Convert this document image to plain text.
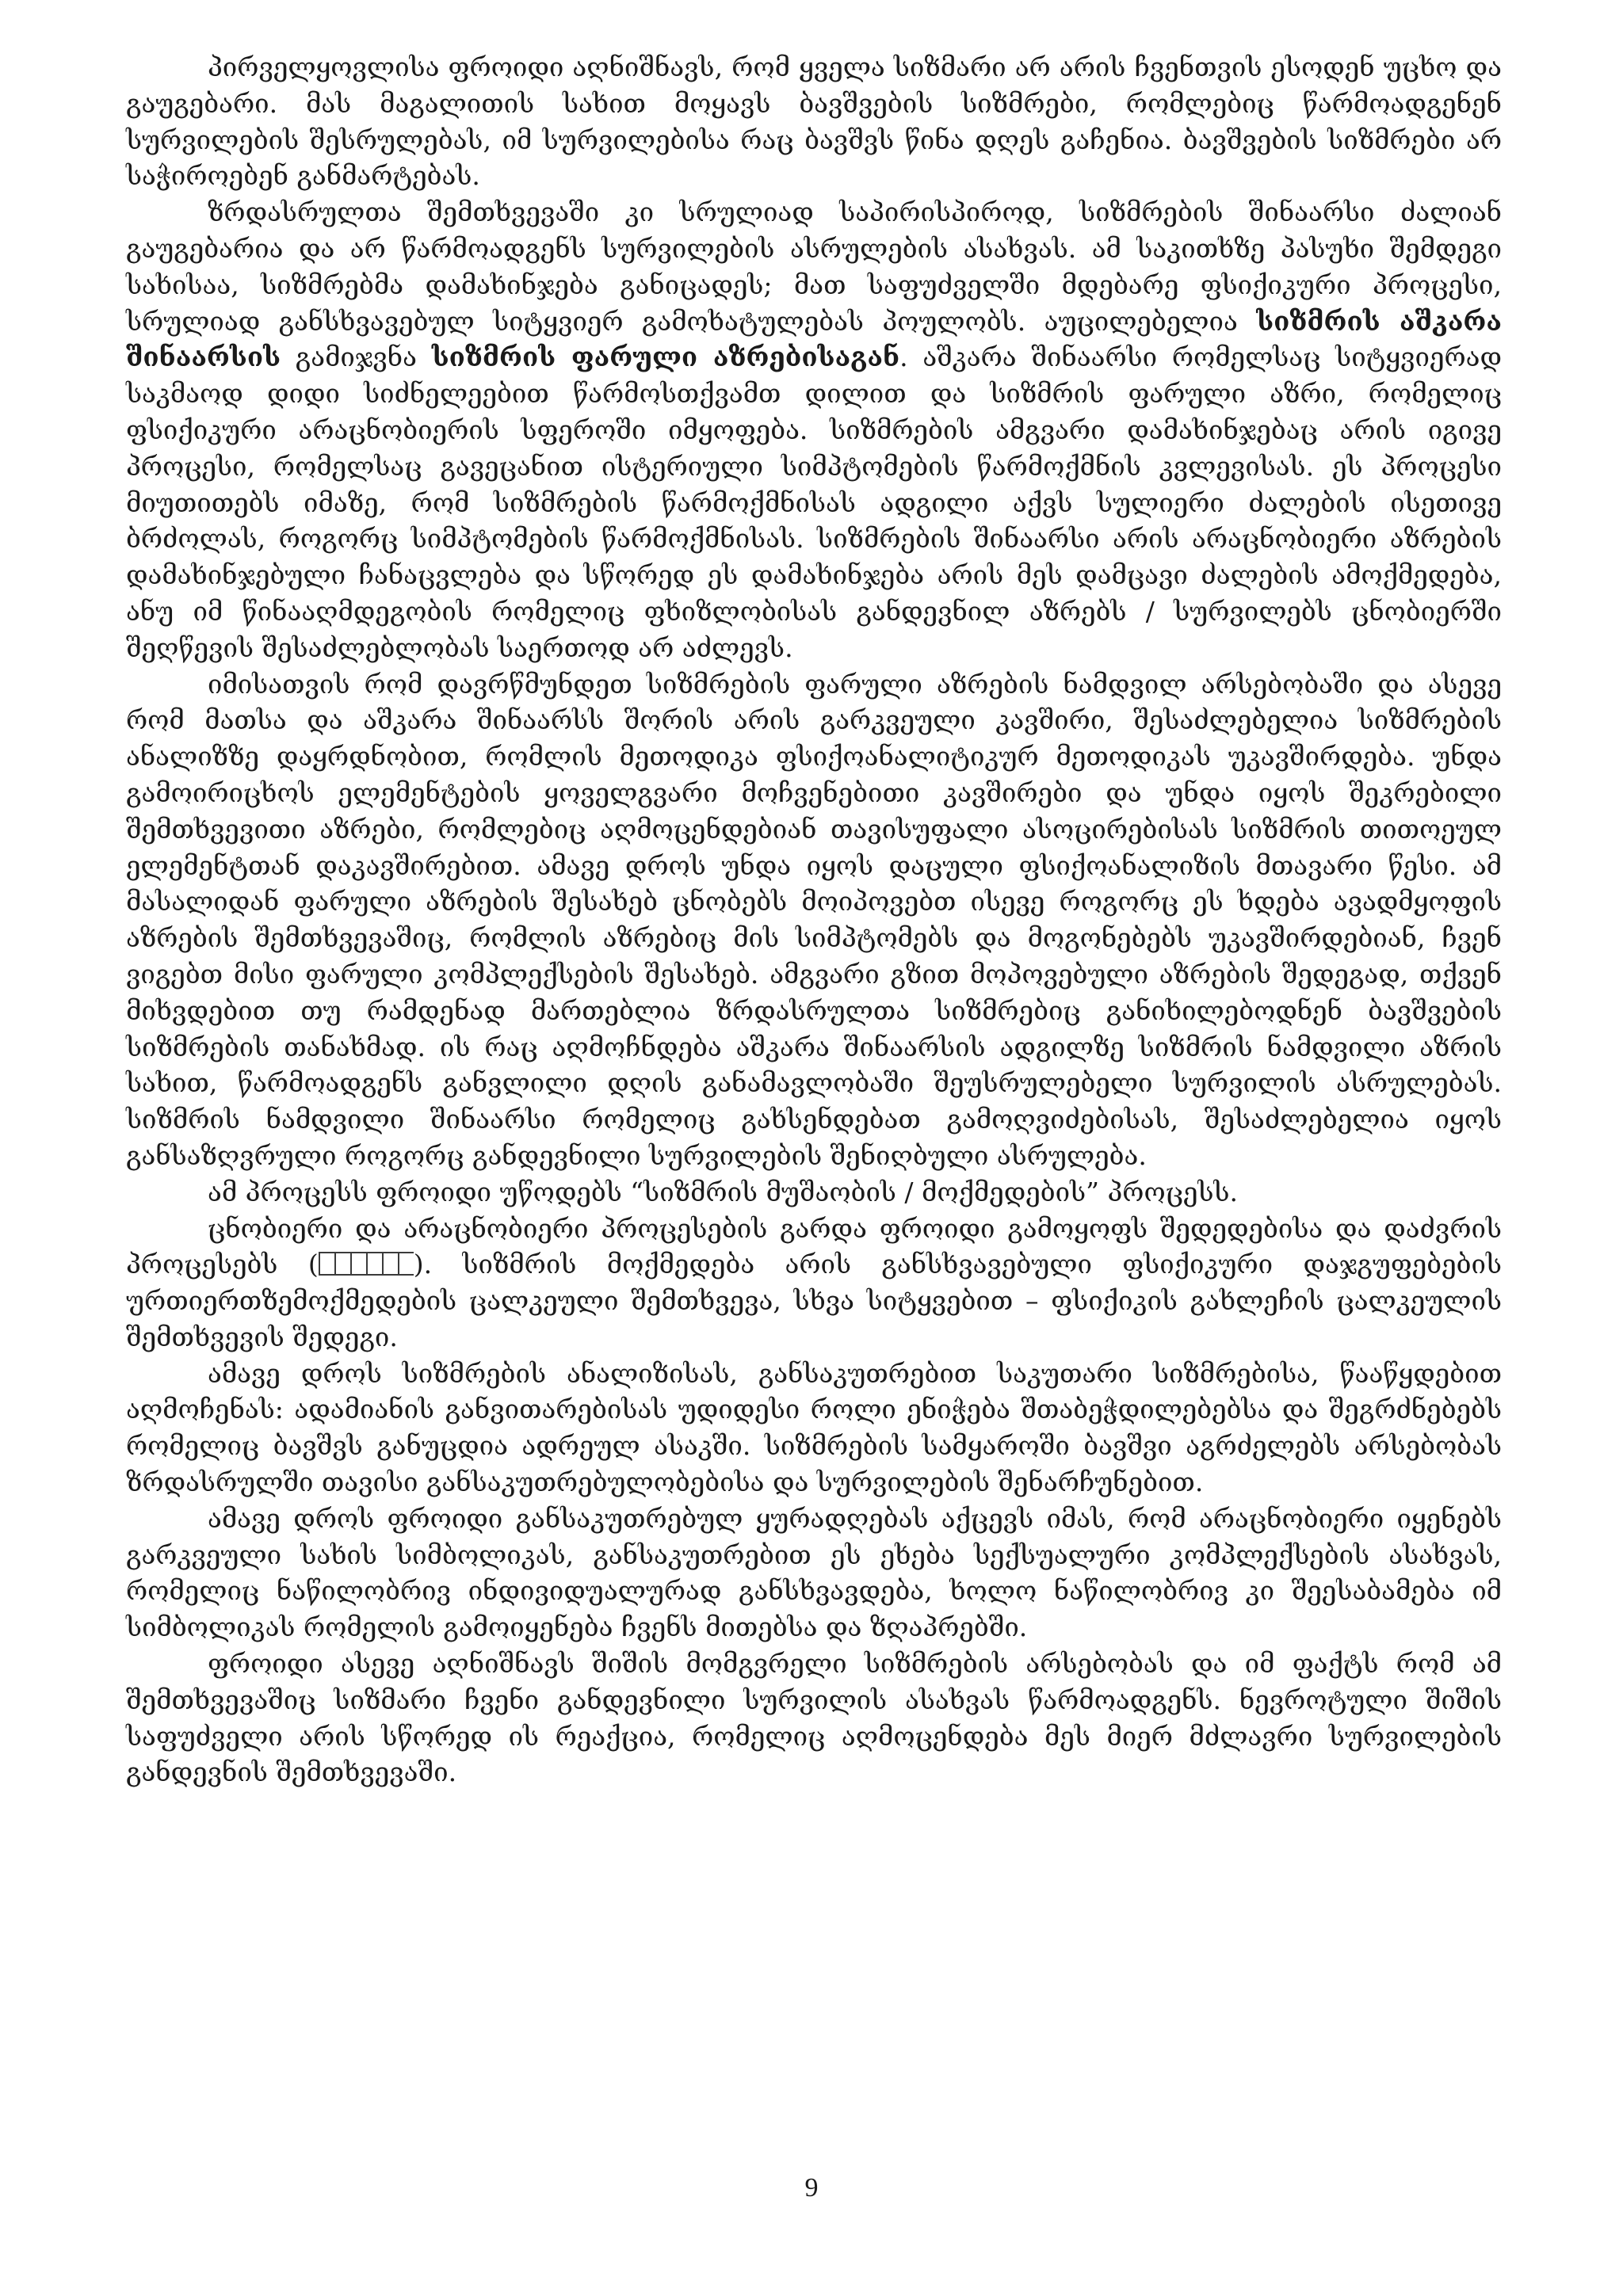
პირველყოვლისა ფროიდი აღნიშნავს, რომ ყველა სიზმარი არ არის ჩვენთვის ესოდენ უცხო და გაუგებარი. მას მაგალითის სახით მოყავს ბავშვების სიზმრები, რომლებიც წარმოადგენენ სურვილების შესრულებას, იმ სურვილებისა რაც ბავშვს წინა დღეს გაჩენია. ბავშვების სიზმრები არ საჭიროებენ განმარტებას.

ზრდასრულთა შემთხვევაში კი სრულიად საპირისპიროდ, სიზმრების შინაარსი ძალიან გაუგებარია და არ წარმოადგენს სურვილების ასრულების ასახვას. ამ საკითხზე პასუხი შემდეგი სახისაა, სიზმრებმა დამახინჯება განიცადეს; მათ საფუძველში მდებარე ფსიქიკური პროცესი, სრულიად განსხვავებულ სიტყვიერ გამოხატულებას პოულობს. აუცილებელია სიზმრის აშკარა შინაარსის გამიჯვნა სიზმრის ფარული აზრებისაგან. აშკარა შინაარსი რომელსაც სიტყვიერად საკმაოდ დიდი სიძნელეებით წარმოსთქვამთ დილით და სიზმრის ფარული აზრი, რომელიც ფსიქიკური არაცნობიერის სფეროში იმყოფება. სიზმრების ამგვარი დამახინჯებაც არის იგივე პროცესი, რომელსაც გავეცანით ისტერიული სიმპტომების წარმოქმნის კვლევისას. ეს პროცესი მიუთითებს იმაზე, რომ სიზმრების წარმოქმნისას ადგილი აქვს სულიერი ძალების ისეთივე ბრძოლას, როგორც სიმპტომების წარმოქმნისას. სიზმრების შინაარსი არის არაცნობიერი აზრების დამახინჯებული ჩანაცვლება და სწორედ ეს დამახინჯება არის მეს დამცავი ძალების ამოქმედება, ანუ იმ წინააღმდეგობის რომელიც ფხიზლობისას განდევნილ აზრებს / სურვილებს ცნობიერში შეღწევის შესაძლებლობას საერთოდ არ აძლევს.

იმისათვის რომ დავრწმუნდეთ სიზმრების ფარული აზრების ნამდვილ არსებობაში და ასევე რომ მათსა და აშკარა შინაარსს შორის არის გარკვეული კავშირი, შესაძლებელია სიზმრების ანალიზზე დაყრდნობით, რომლის მეთოდიკა ფსიქოანალიტიკურ მეთოდიკას უკავშირდება. უნდა გამოირიცხოს ელემენტების ყოველგვარი მოჩვენებითი კავშირები და უნდა იყოს შეკრებილი შემთხვევითი აზრები, რომლებიც აღმოცენდებიან თავისუფალი ასოცირებისას სიზმრის თითოეულ ელემენტთან დაკავშირებით. ამავე დროს უნდა იყოს დაცული ფსიქოანალიზის მთავარი წესი. ამ მასალიდან ფარული აზრების შესახებ ცნობებს მოიპოვებთ ისევე როგორც ეს ხდება ავადმყოფის აზრების შემთხვევაშიც, რომლის აზრებიც მის სიმპტომებს და მოგონებებს უკავშირდებიან, ჩვენ ვიგებთ მისი ფარული კომპლექსების შესახებ. ამგვარი გზით მოპოვებული აზრების შედეგად, თქვენ მიხვდებით თუ რამდენად მართებლია ზრდასრულთა სიზმრებიც განიხილებოდნენ ბავშვების სიზმრების თანახმად. ის რაც აღმოჩნდება აშკარა შინაარსის ადგილზე სიზმრის ნამდვილი აზრის სახით, წარმოადგენს განვლილი დღის განამავლობაში შეუსრულებელი სურვილის ასრულებას. სიზმრის ნამდვილი შინაარსი რომელიც გახსენდებათ გამოღვიძებისას, შესაძლებელია იყოს განსაზღვრული როგორც განდევნილი სურვილების შენიღბული ასრულება.

ამ პროცესს ფროიდი უწოდებს “სიზმრის მუშაობის / მოქმედების” პროცესს.

ცნობიერი და არაცნობიერი პროცესების გარდა ფროიდი გამოყოფს შედედებისა და დაძვრის პროცესებს (	). სიზმრის მოქმედება არის განსხვავებული ფსიქიკური დაჯგუფებების ურთიერთზემოქმედების ცალკეული შემთხვევა, სხვა სიტყვებით – ფსიქიკის გახლეჩის ცალკეულის შემთხვევის შედეგი.

ამავე დროს სიზმრების ანალიზისას, განსაკუთრებით საკუთარი სიზმრებისა, წააწყდებით აღმოჩენას: ადამიანის განვითარებისას უდიდესი როლი ენიჭება შთაბეჭდილებებსა და შეგრძნებებს რომელიც ბავშვს განუცდია ადრეულ ასაკში. სიზმრების სამყაროში ბავშვი აგრძელებს არსებობას ზრდასრულში თავისი განსაკუთრებულობებისა და სურვილების შენარჩუნებით.

ამავე დროს ფროიდი განსაკუთრებულ ყურადღებას აქცევს იმას, რომ არაცნობიერი იყენებს გარკვეული სახის სიმბოლიკას, განსაკუთრებით ეს ეხება სექსუალური კომპლექსების ასახვას, რომელიც ნაწილობრივ ინდივიდუალურად განსხვავდება, ხოლო ნაწილობრივ კი შეესაბამება იმ სიმბოლიკას რომელის გამოიყენება ჩვენს მითებსა და ზღაპრებში.

ფროიდი ასევე აღნიშნავს შიშის მომგვრელი სიზმრების არსებობას და იმ ფაქტს რომ ამ შემთხვევაშიც სიზმარი ჩვენი განდევნილი სურვილის ასახვას წარმოადგენს. ნევროტული შიშის საფუძველი არის სწორედ ის რეაქცია, რომელიც აღმოცენდება მეს მიერ მძლავრი სურვილების განდევნის შემთხვევაში.

9
